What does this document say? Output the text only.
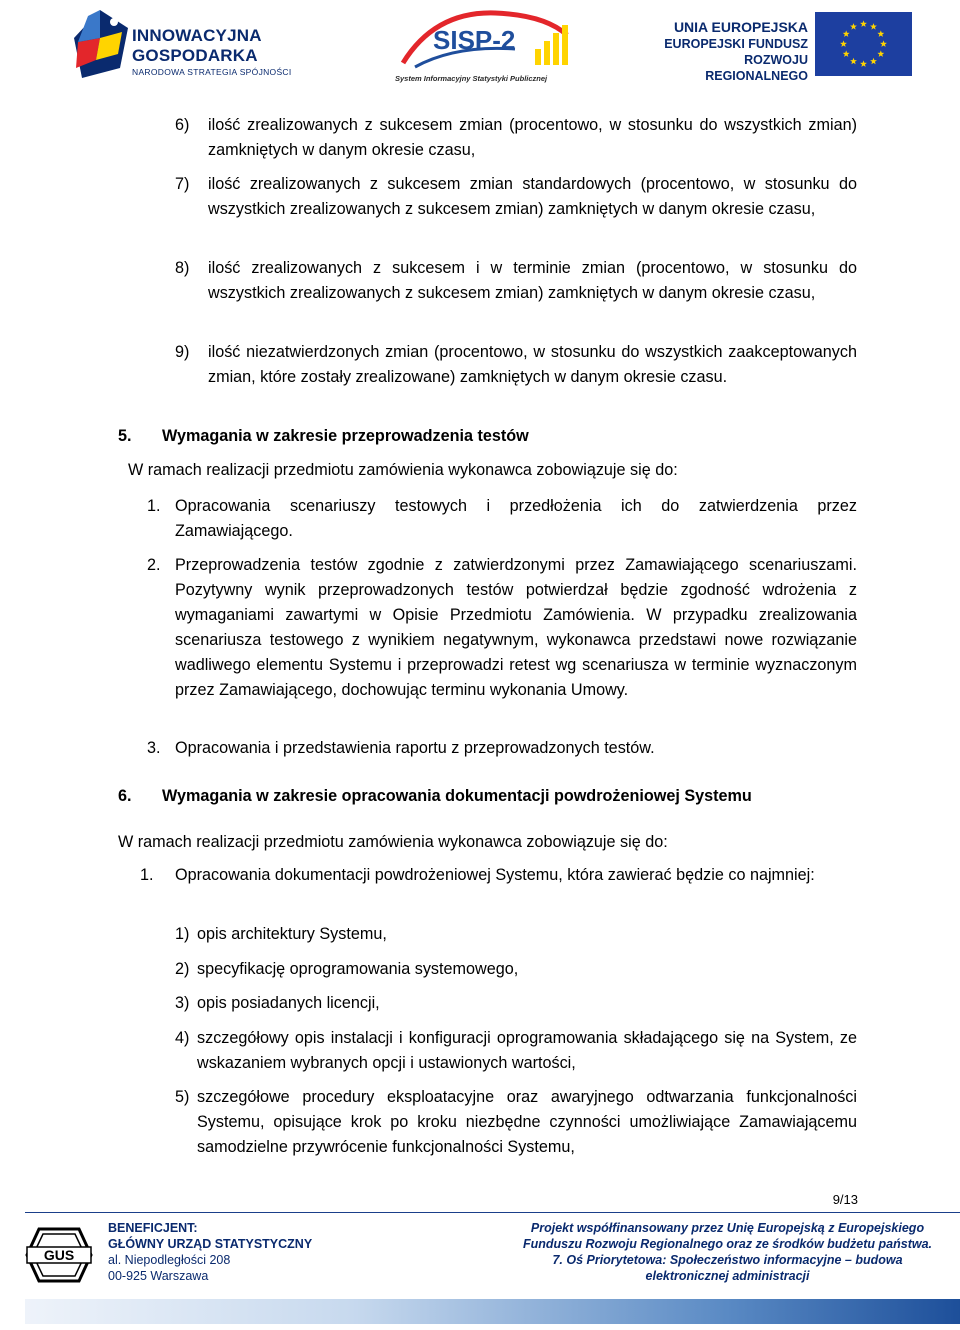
INNOWACYJNA
GOSPODARKA
NARODOWA STRATEGIA SPÓJNOŚCI
SISP-2
System Informacyjny Statystyki Publicznej
UNIA EUROPEJSKA
EUROPEJSKI FUNDUSZ
ROZWOJU REGIONALNEGO
6) ilość zrealizowanych z sukcesem zmian (procentowo, w stosunku do wszystkich zmian) zamkniętych w danym okresie czasu,
7) ilość zrealizowanych z sukcesem zmian standardowych (procentowo, w stosunku do wszystkich zrealizowanych z sukcesem zmian) zamkniętych w danym okresie czasu,
8) ilość zrealizowanych z sukcesem i w terminie zmian (procentowo, w stosunku do wszystkich zrealizowanych z sukcesem zmian) zamkniętych w danym okresie czasu,
9) ilość niezatwierdzonych zmian (procentowo, w stosunku do wszystkich zaakceptowanych zmian, które zostały zrealizowane) zamkniętych w danym okresie czasu.
5. Wymagania w zakresie przeprowadzenia testów
W ramach realizacji przedmiotu zamówienia wykonawca zobowiązuje się do:
1. Opracowania scenariuszy testowych i przedłożenia ich do zatwierdzenia przez Zamawiającego.
2. Przeprowadzenia testów zgodnie z zatwierdzonymi przez Zamawiającego scenariuszami. Pozytywny wynik przeprowadzonych testów potwierdzał będzie zgodność wdrożenia z wymaganiami zawartymi w Opisie Przedmiotu Zamówienia. W przypadku zrealizowania scenariusza testowego z wynikiem negatywnym, wykonawca przedstawi nowe rozwiązanie wadliwego elementu Systemu i przeprowadzi retest wg scenariusza w terminie wyznaczonym przez Zamawiającego, dochowując terminu wykonania Umowy.
3. Opracowania i przedstawienia raportu z przeprowadzonych testów.
6. Wymagania w zakresie opracowania dokumentacji powdrożeniowej Systemu
W ramach realizacji przedmiotu zamówienia wykonawca zobowiązuje się do:
1. Opracowania dokumentacji powdrożeniowej Systemu, która zawierać będzie co najmniej:
1) opis architektury Systemu,
2) specyfikację oprogramowania systemowego,
3) opis posiadanych licencji,
4) szczegółowy opis instalacji i konfiguracji oprogramowania składającego się na System, ze wskazaniem wybranych opcji i ustawionych wartości,
5) szczegółowe procedury eksploatacyjne oraz awaryjnego odtwarzania funkcjonalności Systemu, opisujące krok po kroku niezbędne czynności umożliwiające Zamawiającemu samodzielne przywrócenie funkcjonalności Systemu,
9/13
GUS
BENEFICJENT:
GŁÓWNY URZĄD STATYSTYCZNY
al. Niepodległości 208
00-925 Warszawa
Projekt współfinansowany przez Unię Europejską z Europejskiego
Funduszu Rozwoju Regionalnego oraz ze środków budżetu państwa.
7. Oś Priorytetowa: Społeczeństwo informacyjne – budowa
elektronicznej administracji
